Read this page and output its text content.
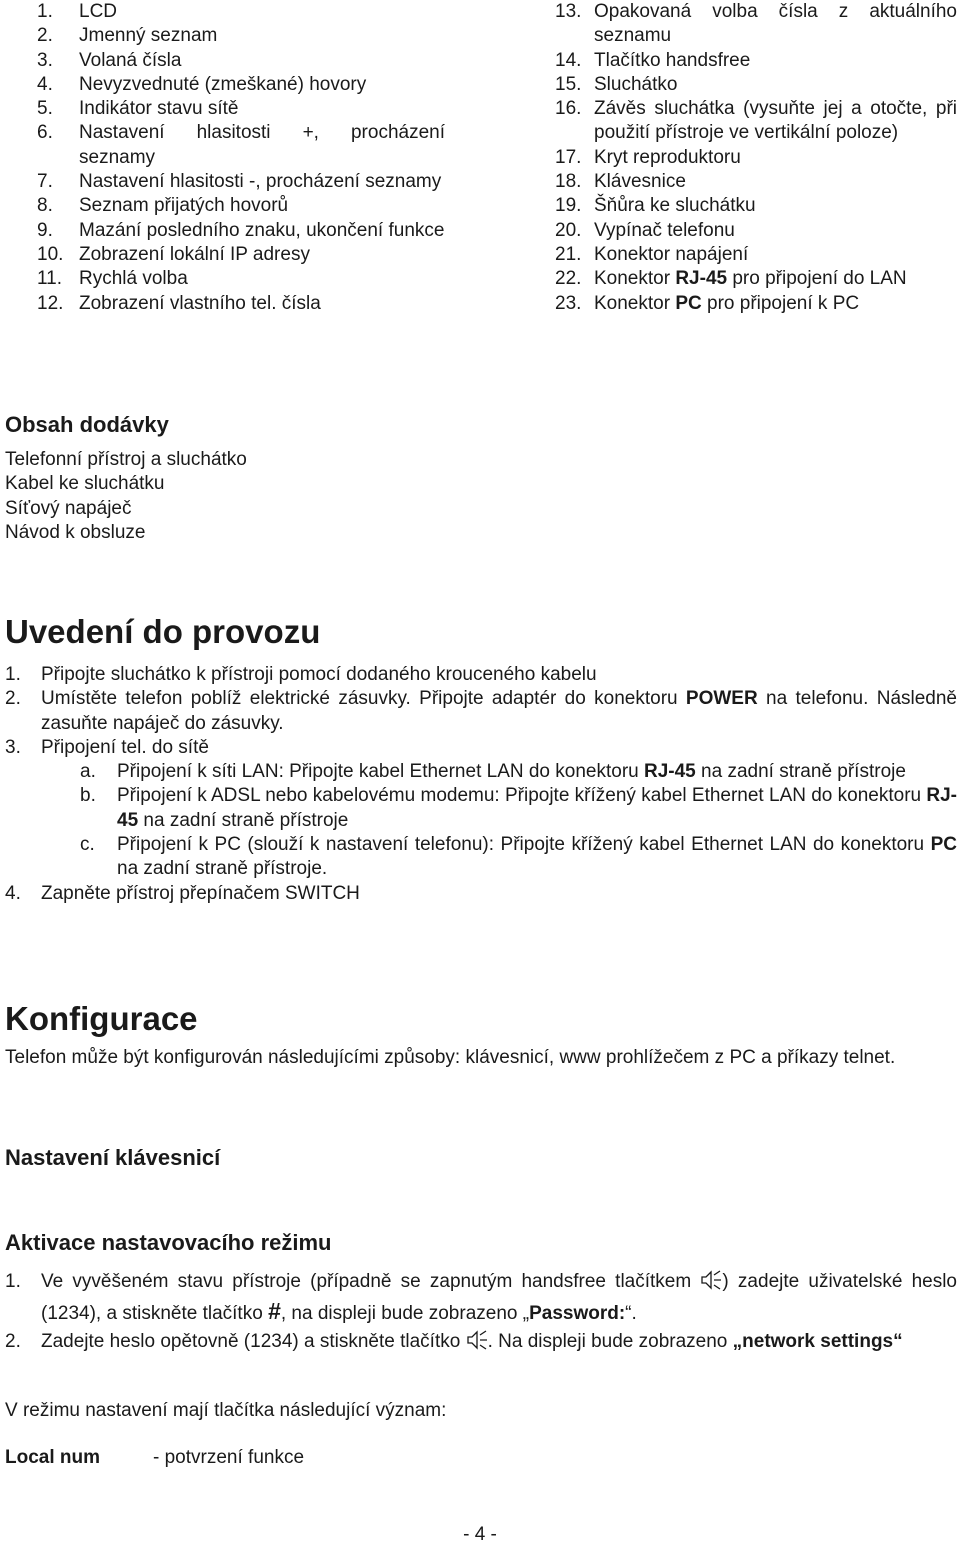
1. LCD
2. Jmenný seznam
3. Volaná čísla
4. Nevyzvednuté (zmeškané) hovory
5. Indikátor stavu sítě
6. Nastavení hlasitosti +, procházení seznamy
7. Nastavení hlasitosti -, procházení seznamy
8. Seznam přijatých hovorů
9. Mazání posledního znaku, ukončení funkce
10. Zobrazení lokální IP adresy
11. Rychlá volba
12. Zobrazení vlastního tel. čísla
13. Opakovaná volba čísla z aktuálního seznamu
14. Tlačítko handsfree
15. Sluchátko
16. Závěs sluchátka (vysuňte jej a otočte, při použití přístroje ve vertikální poloze)
17. Kryt reproduktoru
18. Klávesnice
19. Šňůra ke sluchátku
20. Vypínač telefonu
21. Konektor napájení
22. Konektor RJ-45 pro připojení do LAN
23. Konektor PC pro připojení k PC
Obsah dodávky
Telefonní přístroj a sluchátko
Kabel ke sluchátku
Síťový napáječ
Návod k obsluze
Uvedení do provozu
1. Připojte sluchátko k přístroji pomocí dodaného krouceného kabelu
2. Umístěte telefon poblíž elektrické zásuvky. Připojte adaptér do konektoru POWER na telefonu. Následně zasuňte napáječ do zásuvky.
3. Připojení tel. do sítě
a. Připojení k síti LAN: Připojte kabel Ethernet LAN do konektoru RJ-45 na zadní straně přístroje
b. Připojení k ADSL nebo kabelovému modemu: Připojte křížený kabel Ethernet LAN do konektoru RJ-45 na zadní straně přístroje
c. Připojení k PC (slouží k nastavení telefonu): Připojte křížený kabel Ethernet LAN do konektoru PC na zadní straně přístroje.
4. Zapněte přístroj přepínačem SWITCH
Konfigurace

Telefon může být konfigurován následujícími způsoby: klávesnicí, www prohlížečem z PC a příkazy telnet.

Nastavení klávesnicí
Aktivace nastavovacího režimu
1. Ve vyvěšeném stavu přístroje (případně se zapnutým handsfree tlačítkem ) zadejte uživatelské heslo (1234), a stiskněte tlačítko #, na displeji bude zobrazeno „Password:“.
2. Zadejte heslo opětovně (1234) a stiskněte tlačítko . Na displeji bude zobrazeno „network settings“

V režimu nastavení mají tlačítka následující význam:

Local num	- potvrzení funkce
- 4 -
